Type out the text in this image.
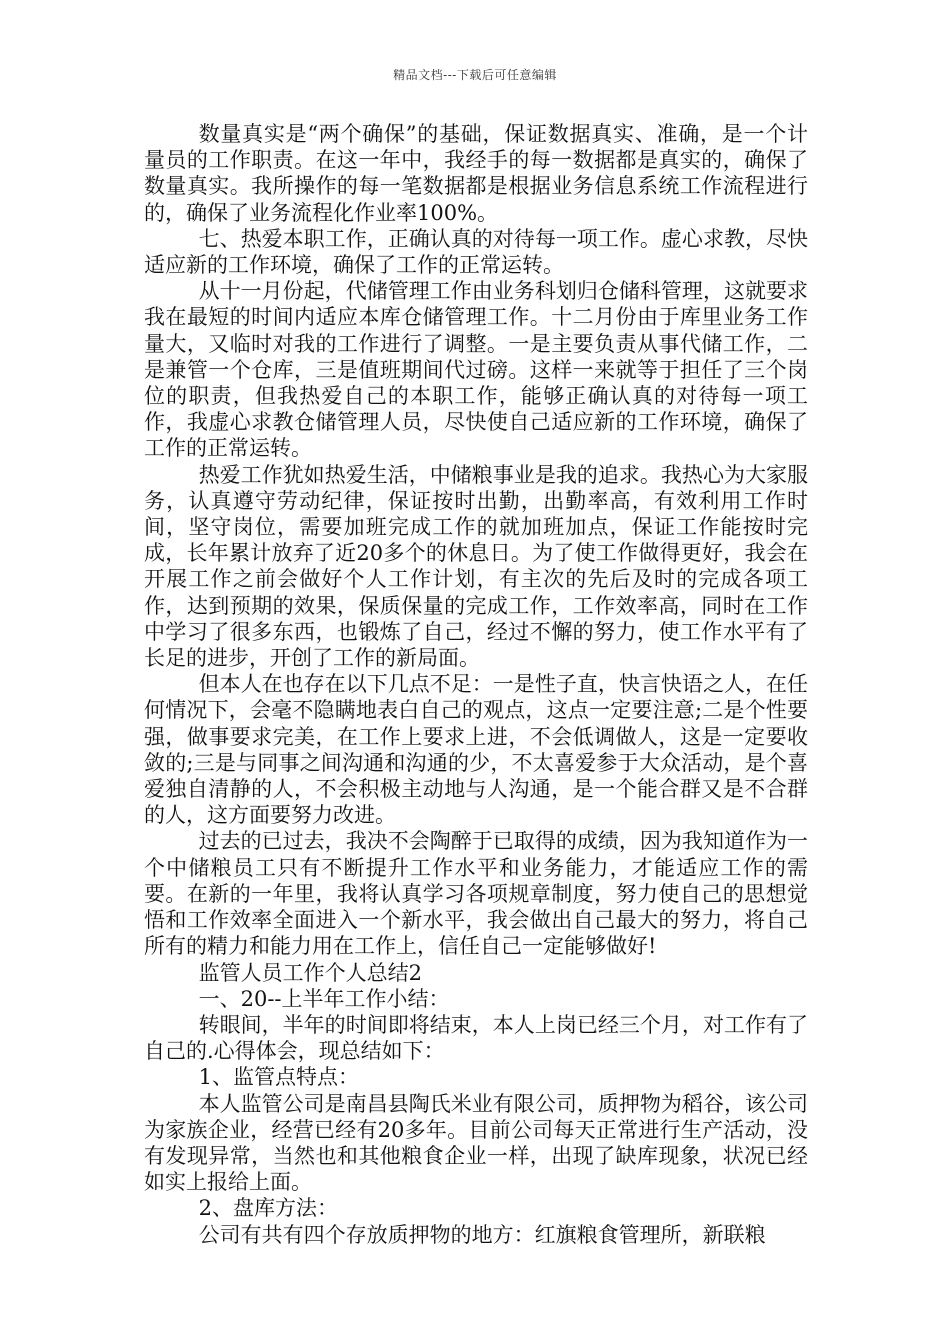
精品文档---下载后可任意编辑

数量真实是“两个确保”的基础，保证数据真实、准确，是一个计量员的工作职责。在这一年中，我经手的每一数据都是真实的，确保了数量真实。我所操作的每一笔数据都是根据业务信息系统工作流程进行的，确保了业务流程化作业率100%。

七、热爱本职工作，正确认真的对待每一项工作。虚心求教，尽快适应新的工作环境，确保了工作的正常运转。

从十一月份起，代储管理工作由业务科划归仓储科管理，这就要求我在最短的时间内适应本库仓储管理工作。十二月份由于库里业务工作量大，又临时对我的工作进行了调整。一是主要负责从事代储工作，二是兼管一个仓库，三是值班期间代过磅。这样一来就等于担任了三个岗位的职责，但我热爱自己的本职工作，能够正确认真的对待每一项工作，我虚心求教仓储管理人员，尽快使自己适应新的工作环境，确保了工作的正常运转。

热爱工作犹如热爱生活，中储粮事业是我的追求。我热心为大家服务，认真遵守劳动纪律，保证按时出勤，出勤率高，有效利用工作时间，坚守岗位，需要加班完成工作的就加班加点，保证工作能按时完成，长年累计放弃了近20多个的休息日。为了使工作做得更好，我会在开展工作之前会做好个人工作计划，有主次的先后及时的完成各项工作，达到预期的效果，保质保量的完成工作，工作效率高，同时在工作中学习了很多东西，也锻炼了自己，经过不懈的努力，使工作水平有了长足的进步，开创了工作的新局面。

但本人在也存在以下几点不足：一是性子直，快言快语之人，在任何情况下，会毫不隐瞒地表白自己的观点，这点一定要注意;二是个性要强，做事要求完美，在工作上要求上进，不会低调做人，这是一定要收敛的;三是与同事之间沟通和沟通的少，不太喜爱参于大众活动，是个喜爱独自清静的人，不会积极主动地与人沟通，是一个能合群又是不合群的人，这方面要努力改进。

过去的已过去，我决不会陶醉于已取得的成绩，因为我知道作为一个中储粮员工只有不断提升工作水平和业务能力，才能适应工作的需要。在新的一年里，我将认真学习各项规章制度，努力使自己的思想觉悟和工作效率全面进入一个新水平，我会做出自己最大的努力，将自己所有的精力和能力用在工作上，信任自己一定能够做好!

监管人员工作个人总结2

一、20--上半年工作小结：

转眼间，半年的时间即将结束，本人上岗已经三个月，对工作有了自己的.心得体会，现总结如下：

1、监管点特点：

本人监管公司是南昌县陶氏米业有限公司，质押物为稻谷，该公司为家族企业，经营已经有20多年。目前公司每天正常进行生产活动，没有发现异常，当然也和其他粮食企业一样，出现了缺库现象，状况已经如实上报给上面。

2、盘库方法：

公司有共有四个存放质押物的地方：红旗粮食管理所，新联粮
